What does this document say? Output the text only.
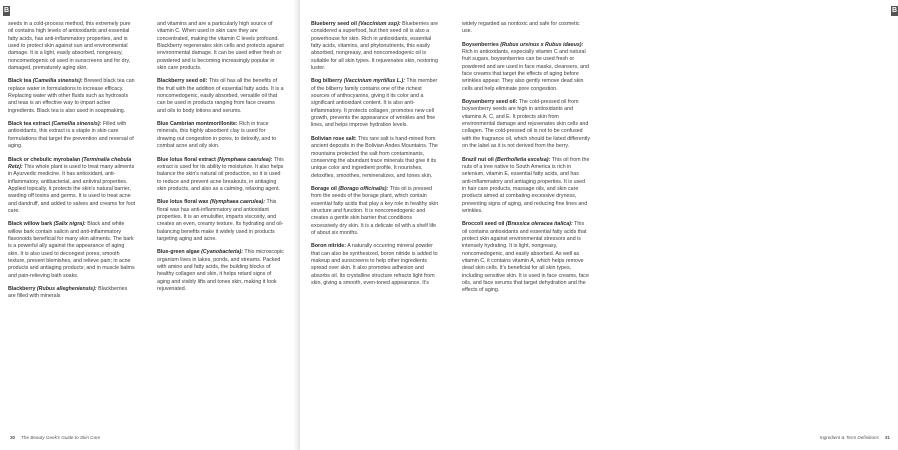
B

seeds in a cold-process method, this extremely pure oil contains high levels of antioxidants and essential fatty acids, has anti-inflammatory properties, and is used to protect skin against sun and environmental damage. It is a light, easily absorbed, nongreasy, noncomedogenic oil used in sunscreens and for dry, damaged, prematurely aging skin.

Black tea (Camellia sinensis): Brewed black tea can replace water in formulations to increase efficacy. Replacing water with other fluids such as hydrosols and teas is an effective way to impart active ingredients. Black tea is also used in soapmaking.

Black tea extract (Camellia sinensis): Filled with antioxidants, this extract is a staple in skin care formulations that target the prevention and reversal of aging.

Black or chebulic myrobalan (Terminalia chebula Retz): This whole plant is used to treat many ailments in Ayurvedic medicine. It has antioxidant, anti-inflammatory, antibacterial, and antiviral properties. Applied topically, it protects the skin's natural barrier, warding off toxins and germs. It is used to treat acne and dandruff, and added to salves and creams for foot care.

Black willow bark (Salix nigra): Black and white willow bark contain salicin and anti-inflammatory flavonoids beneficial for many skin ailments. The bark is a powerful ally against the appearance of aging skin. It is also used to decongest pores, smooth texture, prevent blemishes, and relieve pain; in acne products and antiaging products; and in muscle balms and pain-relieving bath soaks.

Blackberry (Rubus allegheniensis): Blackberries are filled with minerals

and vitamins and are a particularly high source of vitamin C. When used in skin care they are concentrated, making the vitamin C levels profound. Blackberry regenerates skin cells and protects against environmental damage. It can be used either fresh or powdered and is becoming increasingly popular in skin care products.

Blackberry seed oil: This oil has all the benefits of the fruit with the addition of essential fatty acids. It is a noncomedogenic, easily absorbed, versatile oil that can be used in products ranging from face creams and oils to body lotions and serums.

Blue Cambrian montmorillonite: Rich in trace minerals, this highly absorbent clay is used for drawing out congestion in pores, to detoxify, and to combat acne and oily skin.

Blue lotus floral extract (Nymphaea caerulea): This extract is used for its ability to moisturize. It also helps balance the skin's natural oil production, so it is used to reduce and prevent acne breakouts, in antiaging skin products, and also as a calming, relaxing agent.

Blue lotus floral wax (Nymphaea caerulea): This floral wax has anti-inflammatory and antioxidant properties. It is an emulsifier, imparts viscosity, and creates an even, creamy texture. Its hydrating and oil-balancing benefits make it widely used in products targeting aging and acne.

Blue-green algae (Cyanobacteria): This microscopic organism lives in lakes, ponds, and streams. Packed with amino and fatty acids, the building blocks of healthy collagen and skin, it helps retard signs of aging and visibly lifts and tones skin, making it look rejuvenated.

30 The Beauty Geek's Guide to Skin Care
B
Ingredient & Term Definitions 31

Blueberry seed oil (Vaccinium ssp): Blueberries are considered a superfood, but their seed oil is also a powerhouse for skin. Rich in antioxidants, essential fatty acids, vitamins, and phytonutrients, this easily absorbed, nongreasy, and noncomedogenic oil is suitable for all skin types. It rejuvenates skin, restoring luster.

Bog bilberry (Vaccinium myrtillus L.): This member of the bilberry family contains one of the richest sources of anthocyanins, giving it its color and a significant antioxidant content. It is also anti-inflammatory. It protects collagen, promotes new cell growth, prevents the appearance of wrinkles and fine lines, and helps improve hydration levels.

Bolivian rose salt: This rare salt is hand-mined from ancient deposits in the Bolivian Andes Mountains. The mountains protected the salt from contaminants, conserving the abundant trace minerals that give it its unique color and ingredient profile. It nourishes, detoxifies, smoothes, remineralizes, and tones skin.

Borage oil (Borago officinalis): This oil is pressed from the seeds of the borage plant, which contain essential fatty acids that play a key role in healthy skin structure and function. It is noncomedogenic and creates a gentle skin barrier that conditions excessively dry skin. It is a delicate oil with a shelf life of about six months.

Boron nitride: A naturally occurring mineral powder that can also be synthesized, boron nitride is added to makeup and sunscreens to help other ingredients spread over skin. It also promotes adhesion and absorbs oil. Its crystalline structure refracts light from skin, giving a smooth, even-toned appearance. It's

widely regarded as nontoxic and safe for cosmetic use.

Boysenberries (Rubus ursinus x Rubus idaeus): Rich in antioxidants, especially vitamin C and natural fruit sugars, boysenberries can be used fresh or powdered and are used in face masks, cleansers, and face creams that target the effects of aging before wrinkles appear. They also gently remove dead skin cells and help eliminate pore congestion.

Boysenberry seed oil: The cold-pressed oil from boysenberry seeds are high in antioxidants and vitamins A, C, and E. It protects skin from environmental damage and rejuvenates skin cells and collagen. The cold-pressed oil is not to be confused with the fragrance oil, which should be listed differently on the label as it is not derived from the berry.

Brazil nut oil (Bertholletia excelsa): This oil from the nuts of a tree native to South America is rich in selenium, vitamin E, essential fatty acids, and has anti-inflammatory and antiaging properties. It is used in hair care products, massage oils, and skin care products aimed at combating excessive dryness, preventing signs of aging, and reducing fine lines and wrinkles.

Broccoli seed oil (Brassica oleracea italica): This oil contains antioxidants and essential fatty acids that protect skin against environmental stressors and is intensely hydrating. It is light, nongreasy, noncomedogenic, and easily absorbed. As well as vitamin C, it contains vitamin A, which helps remove dead skin cells. It's beneficial for all skin types, including sensitive skin. It is used in face creams, face oils, and face serums that target dehydration and the effects of aging.
